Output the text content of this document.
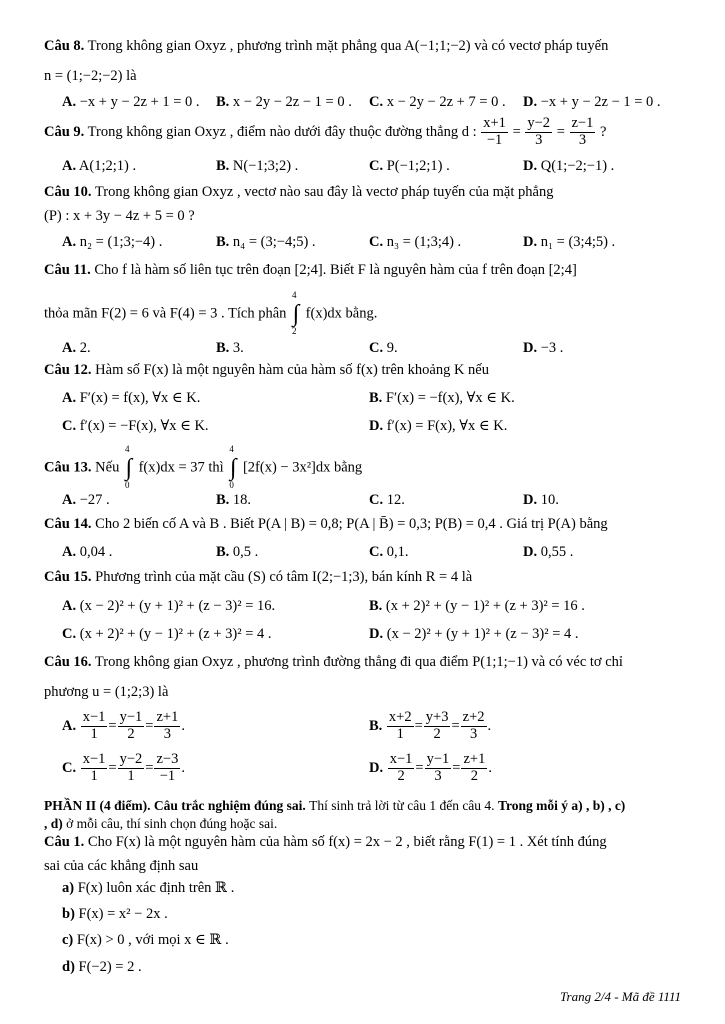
Câu 8. Trong không gian Oxyz , phương trình mặt phẳng qua A(−1;1;−2) và có vectơ pháp tuyến
n = (1;−2;−2) là
A. −x + y − 2z + 1 = 0 . B. x − 2y − 2z − 1 = 0 . C. x − 2y − 2z + 7 = 0 . D. −x + y − 2z − 1 = 0 .
Câu 9. Trong không gian Oxyz , điểm nào dưới đây thuộc đường thẳng d : $\frac{x+1}{-1} = \frac{y-2}{3} = \frac{z-1}{3}$ ?
A. A(1;2;1) .	B. N(−1;3;2) .	C. P(−1;2;1) .	D. Q(1;−2;−1) .
Câu 10. Trong không gian Oxyz , vectơ nào sau đây là vectơ pháp tuyến của mặt phẳng
(P) : x + 3y − 4z + 5 = 0 ?
A. n₂ = (1;3;−4) .	B. n₄ = (3;−4;5) .	C. n₃ = (1;3;4) .	D. n₁ = (3;4;5) .
Câu 11. Cho f là hàm số liên tục trên đoạn [2;4]. Biết F là nguyên hàm của f trên đoạn [2;4]
thỏa mãn F(2) = 6 và F(4) = 3 . Tích phân
4
∫
2
f(x)dx bằng.
A. 2.	B. 3.	C. 9.	D. −3 .
Câu 12. Hàm số F(x) là một nguyên hàm của hàm số f(x) trên khoảng K nếu
A. F′(x) = f(x), ∀x ∈ K.	B. F′(x) = −f(x), ∀x ∈ K.
C. f′(x) = −F(x), ∀x ∈ K.	D. f′(x) = F(x), ∀x ∈ K.
Câu 13. Nếu
4
∫
0
f(x)dx = 37 thì
4
∫
0
[2f(x) − 3x²]dx bằng
A. −27 .	B. 18.	C. 12.	D. 10.
Câu 14. Cho 2 biến cố A và B . Biết P(A | B) = 0,8; P(A | B̄) = 0,3; P(B) = 0,4 . Giá trị P(A) bằng
A. 0,04 .	B. 0,5 .	C. 0,1.	D. 0,55 .
Câu 15. Phương trình của mặt cầu (S) có tâm I(2;−1;3), bán kính R = 4 là
A. (x − 2)² + (y + 1)² + (z − 3)² = 16.	B. (x + 2)² + (y − 1)² + (z + 3)² = 16 .
C. (x + 2)² + (y − 1)² + (z + 3)² = 4 .	D. (x − 2)² + (y + 1)² + (z − 3)² = 4 .
Câu 16. Trong không gian Oxyz , phương trình đường thẳng đi qua điểm P(1;1;−1) và có véc tơ chỉ
phương u = (1;2;3) là
A. $\frac{x-1}{1} = \frac{y-1}{2} = \frac{z+1}{3}$ .	B. $\frac{x+2}{1} = \frac{y+3}{2} = \frac{z+2}{3}$ .
C. $\frac{x-1}{1} = \frac{y-2}{1} = \frac{z-3}{-1}$ .	D. $\frac{x-1}{2} = \frac{y-1}{3} = \frac{z+1}{2}$ .
PHẦN II (4 điểm). Câu trắc nghiệm đúng sai. Thí sinh trả lời từ câu 1 đến câu 4. Trong mỗi ý a) , b) , c)
, d) ở mỗi câu, thí sinh chọn đúng hoặc sai.
Câu 1. Cho F(x) là một nguyên hàm của hàm số f(x) = 2x − 2 , biết rằng F(1) = 1 . Xét tính đúng
sai của các khẳng định sau
a) F(x) luôn xác định trên ℝ .
b) F(x) = x² − 2x .
c) F(x) > 0 , với mọi x ∈ ℝ .
d) F(−2) = 2 .
Trang 2/4 - Mã đề 1111
